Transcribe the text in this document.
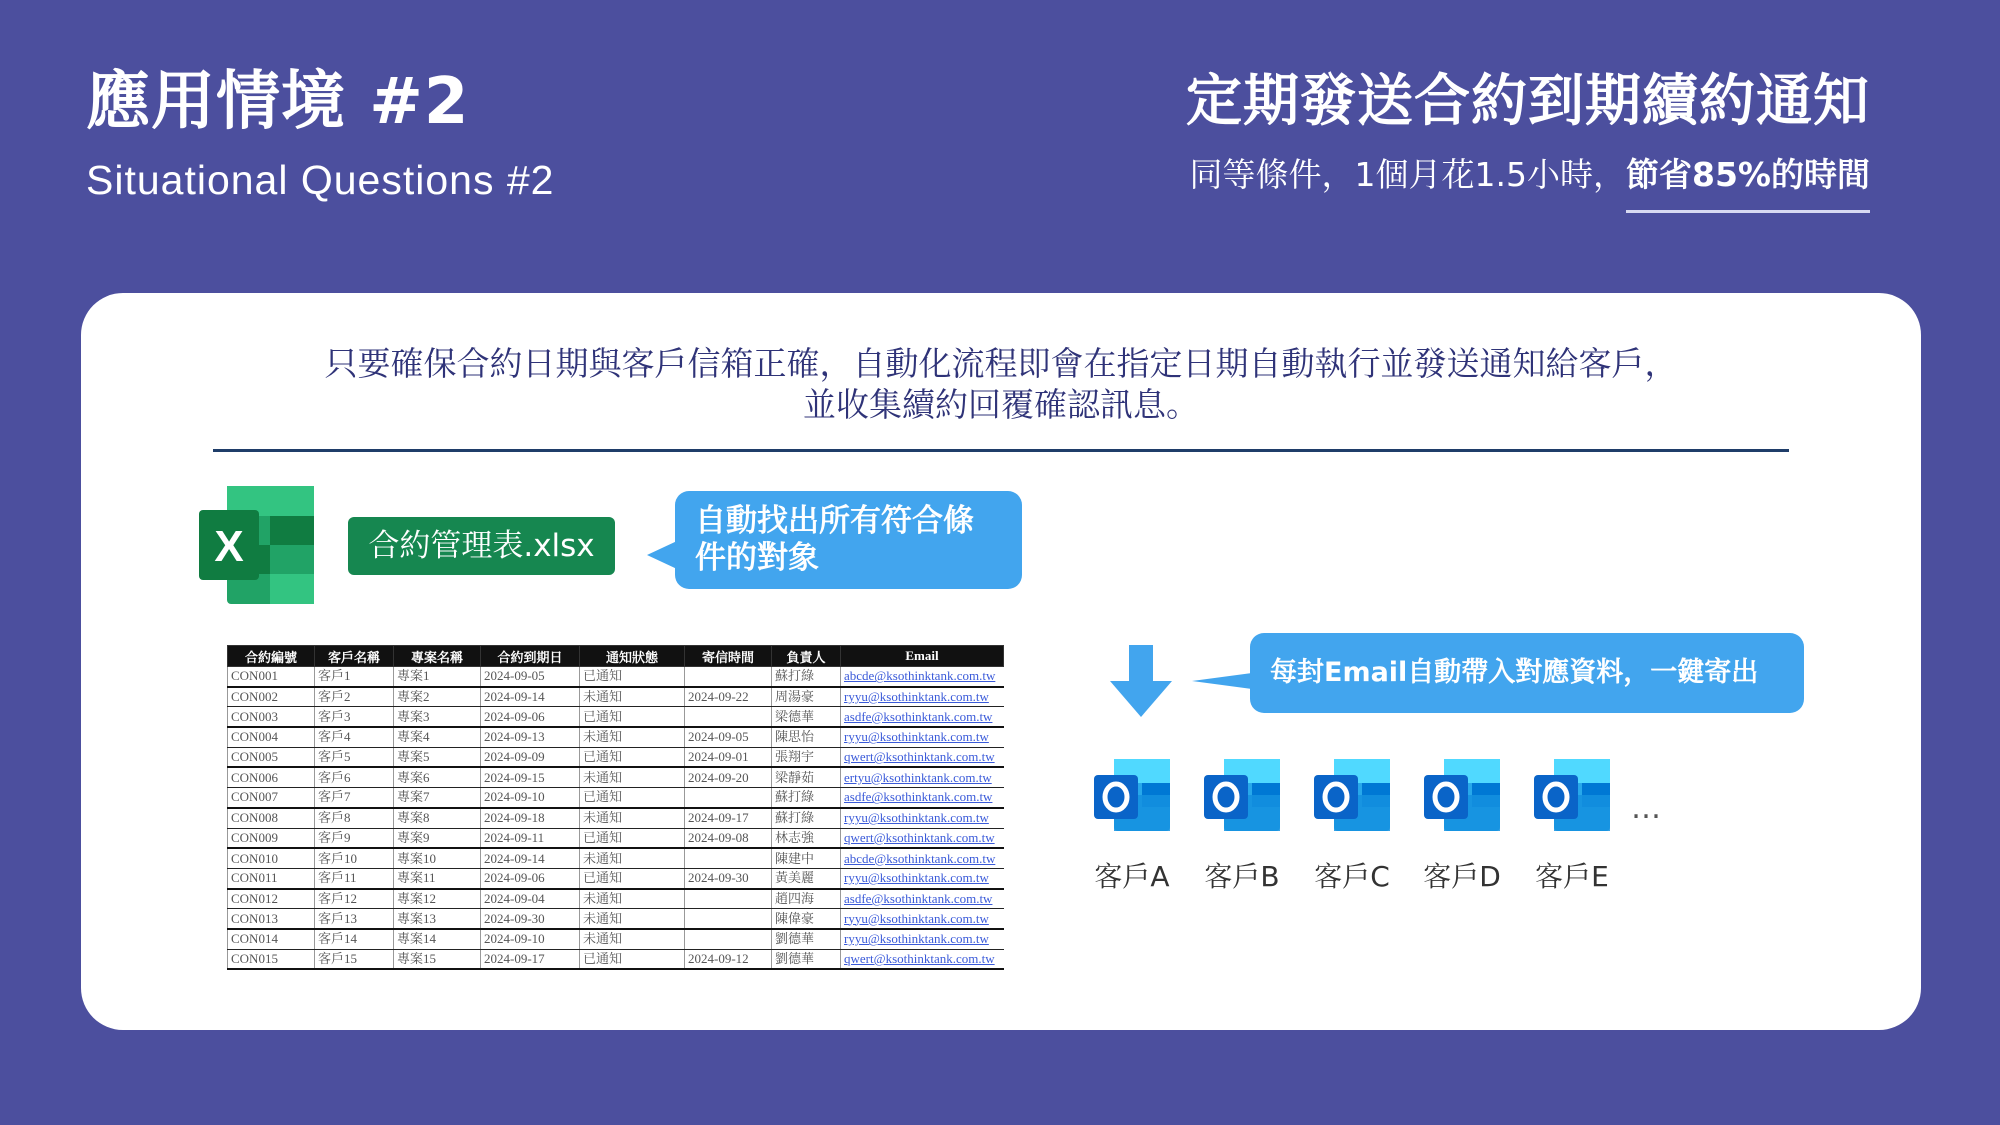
應用情境 #2
Situational Questions #2
定期發送合約到期續約通知
同等條件，1個月花1.5小時，節省85%的時間
只要確保合約日期與客戶信箱正確，自動化流程即會在指定日期自動執行並發送通知給客戶，
並收集續約回覆確認訊息。
X	合約管理表.xlsx
自動找出所有符合條件的對象
合約編號	客戶名稱	專案名稱	合約到期日	通知狀態	寄信時間	負責人	Email
CON001	客戶1	專案1	2024-09-05	已通知		蘇打綠	abcde@ksothinktank.com.tw
CON002	客戶2	專案2	2024-09-14	未通知	2024-09-22	周湯豪	ryyu@ksothinktank.com.tw
CON003	客戶3	專案3	2024-09-06	已通知		梁德華	asdfe@ksothinktank.com.tw
CON004	客戶4	專案4	2024-09-13	未通知	2024-09-05	陳思怡	ryyu@ksothinktank.com.tw
CON005	客戶5	專案5	2024-09-09	已通知	2024-09-01	張翔宇	qwert@ksothinktank.com.tw
CON006	客戶6	專案6	2024-09-15	未通知	2024-09-20	梁靜茹	ertyu@ksothinktank.com.tw
CON007	客戶7	專案7	2024-09-10	已通知		蘇打綠	asdfe@ksothinktank.com.tw
CON008	客戶8	專案8	2024-09-18	未通知	2024-09-17	蘇打綠	ryyu@ksothinktank.com.tw
CON009	客戶9	專案9	2024-09-11	已通知	2024-09-08	林志強	qwert@ksothinktank.com.tw
CON010	客戶10	專案10	2024-09-14	未通知		陳建中	abcde@ksothinktank.com.tw
CON011	客戶11	專案11	2024-09-06	已通知	2024-09-30	黃美麗	ryyu@ksothinktank.com.tw
CON012	客戶12	專案12	2024-09-04	未通知		趙四海	asdfe@ksothinktank.com.tw
CON013	客戶13	專案13	2024-09-30	未通知		陳偉豪	ryyu@ksothinktank.com.tw
CON014	客戶14	專案14	2024-09-10	未通知		劉德華	ryyu@ksothinktank.com.tw
CON015	客戶15	專案15	2024-09-17	已通知	2024-09-12	劉德華	qwert@ksothinktank.com.tw
每封Email自動帶入對應資料，一鍵寄出
客戶A	客戶B	客戶C	客戶D	客戶E
…
